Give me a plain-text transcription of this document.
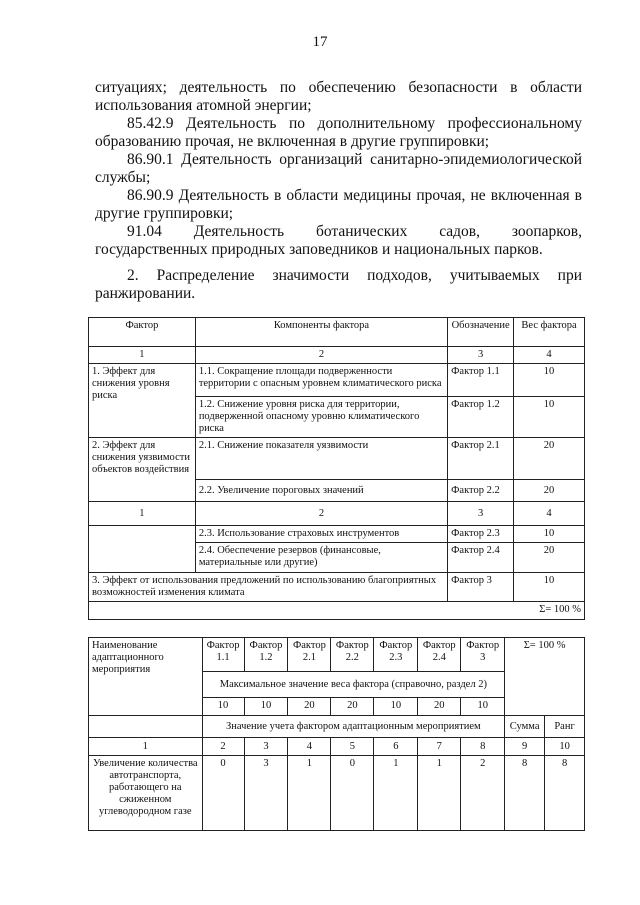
17
ситуациях; деятельность по обеспечению безопасности в области использования атомной энергии;
85.42.9 Деятельность по дополнительному профессиональному образованию прочая, не включенная в другие группировки;
86.90.1 Деятельность организаций санитарно-эпидемиологической службы;
86.90.9 Деятельность в области медицины прочая, не включенная в другие группировки;
91.04 Деятельность ботанических садов, зоопарков, государственных природных заповедников и национальных парков.
2. Распределение значимости подходов, учитываемых при ранжировании.
Фактор	Компоненты фактора	Обозначение	Вес фактора
1	2	3	4
1. Эффект для снижения уровня риска	1.1. Сокращение площади подверженности территории с опасным уровнем климатического риска	Фактор 1.1	10
	1.2. Снижение уровня риска для территории, подверженной опасному уровню климатического риска	Фактор 1.2	10
2. Эффект для снижения уязвимости объектов воздействия	2.1. Снижение показателя уязвимости	Фактор 2.1	20
	2.2. Увеличение пороговых значений	Фактор 2.2	20
1	2	3	4
	2.3. Использование страховых инструментов	Фактор 2.3	10
	2.4. Обеспечение резервов (финансовые, материальные или другие)	Фактор 2.4	20
3. Эффект от использования предложений по использованию благоприятных возможностей изменения климата		Фактор 3	10
Σ= 100 %			
Наименование адаптационного мероприятия	Фактор 1.1	Фактор 1.2	Фактор 2.1	Фактор 2.2	Фактор 2.3	Фактор 2.4	Фактор 3	Σ= 100 %	
	Максимальное значение веса фактора (справочно, раздел 2)								
	10	10	20	20	10	20	10		
	Значение учета фактором адаптационным мероприятием							Сумма	Ранг
1	2	3	4	5	6	7	8	9	10
Увеличение количества автотранспорта, работающего на сжиженном углеводородном газе	0	3	1	0	1	1	2	8	8
